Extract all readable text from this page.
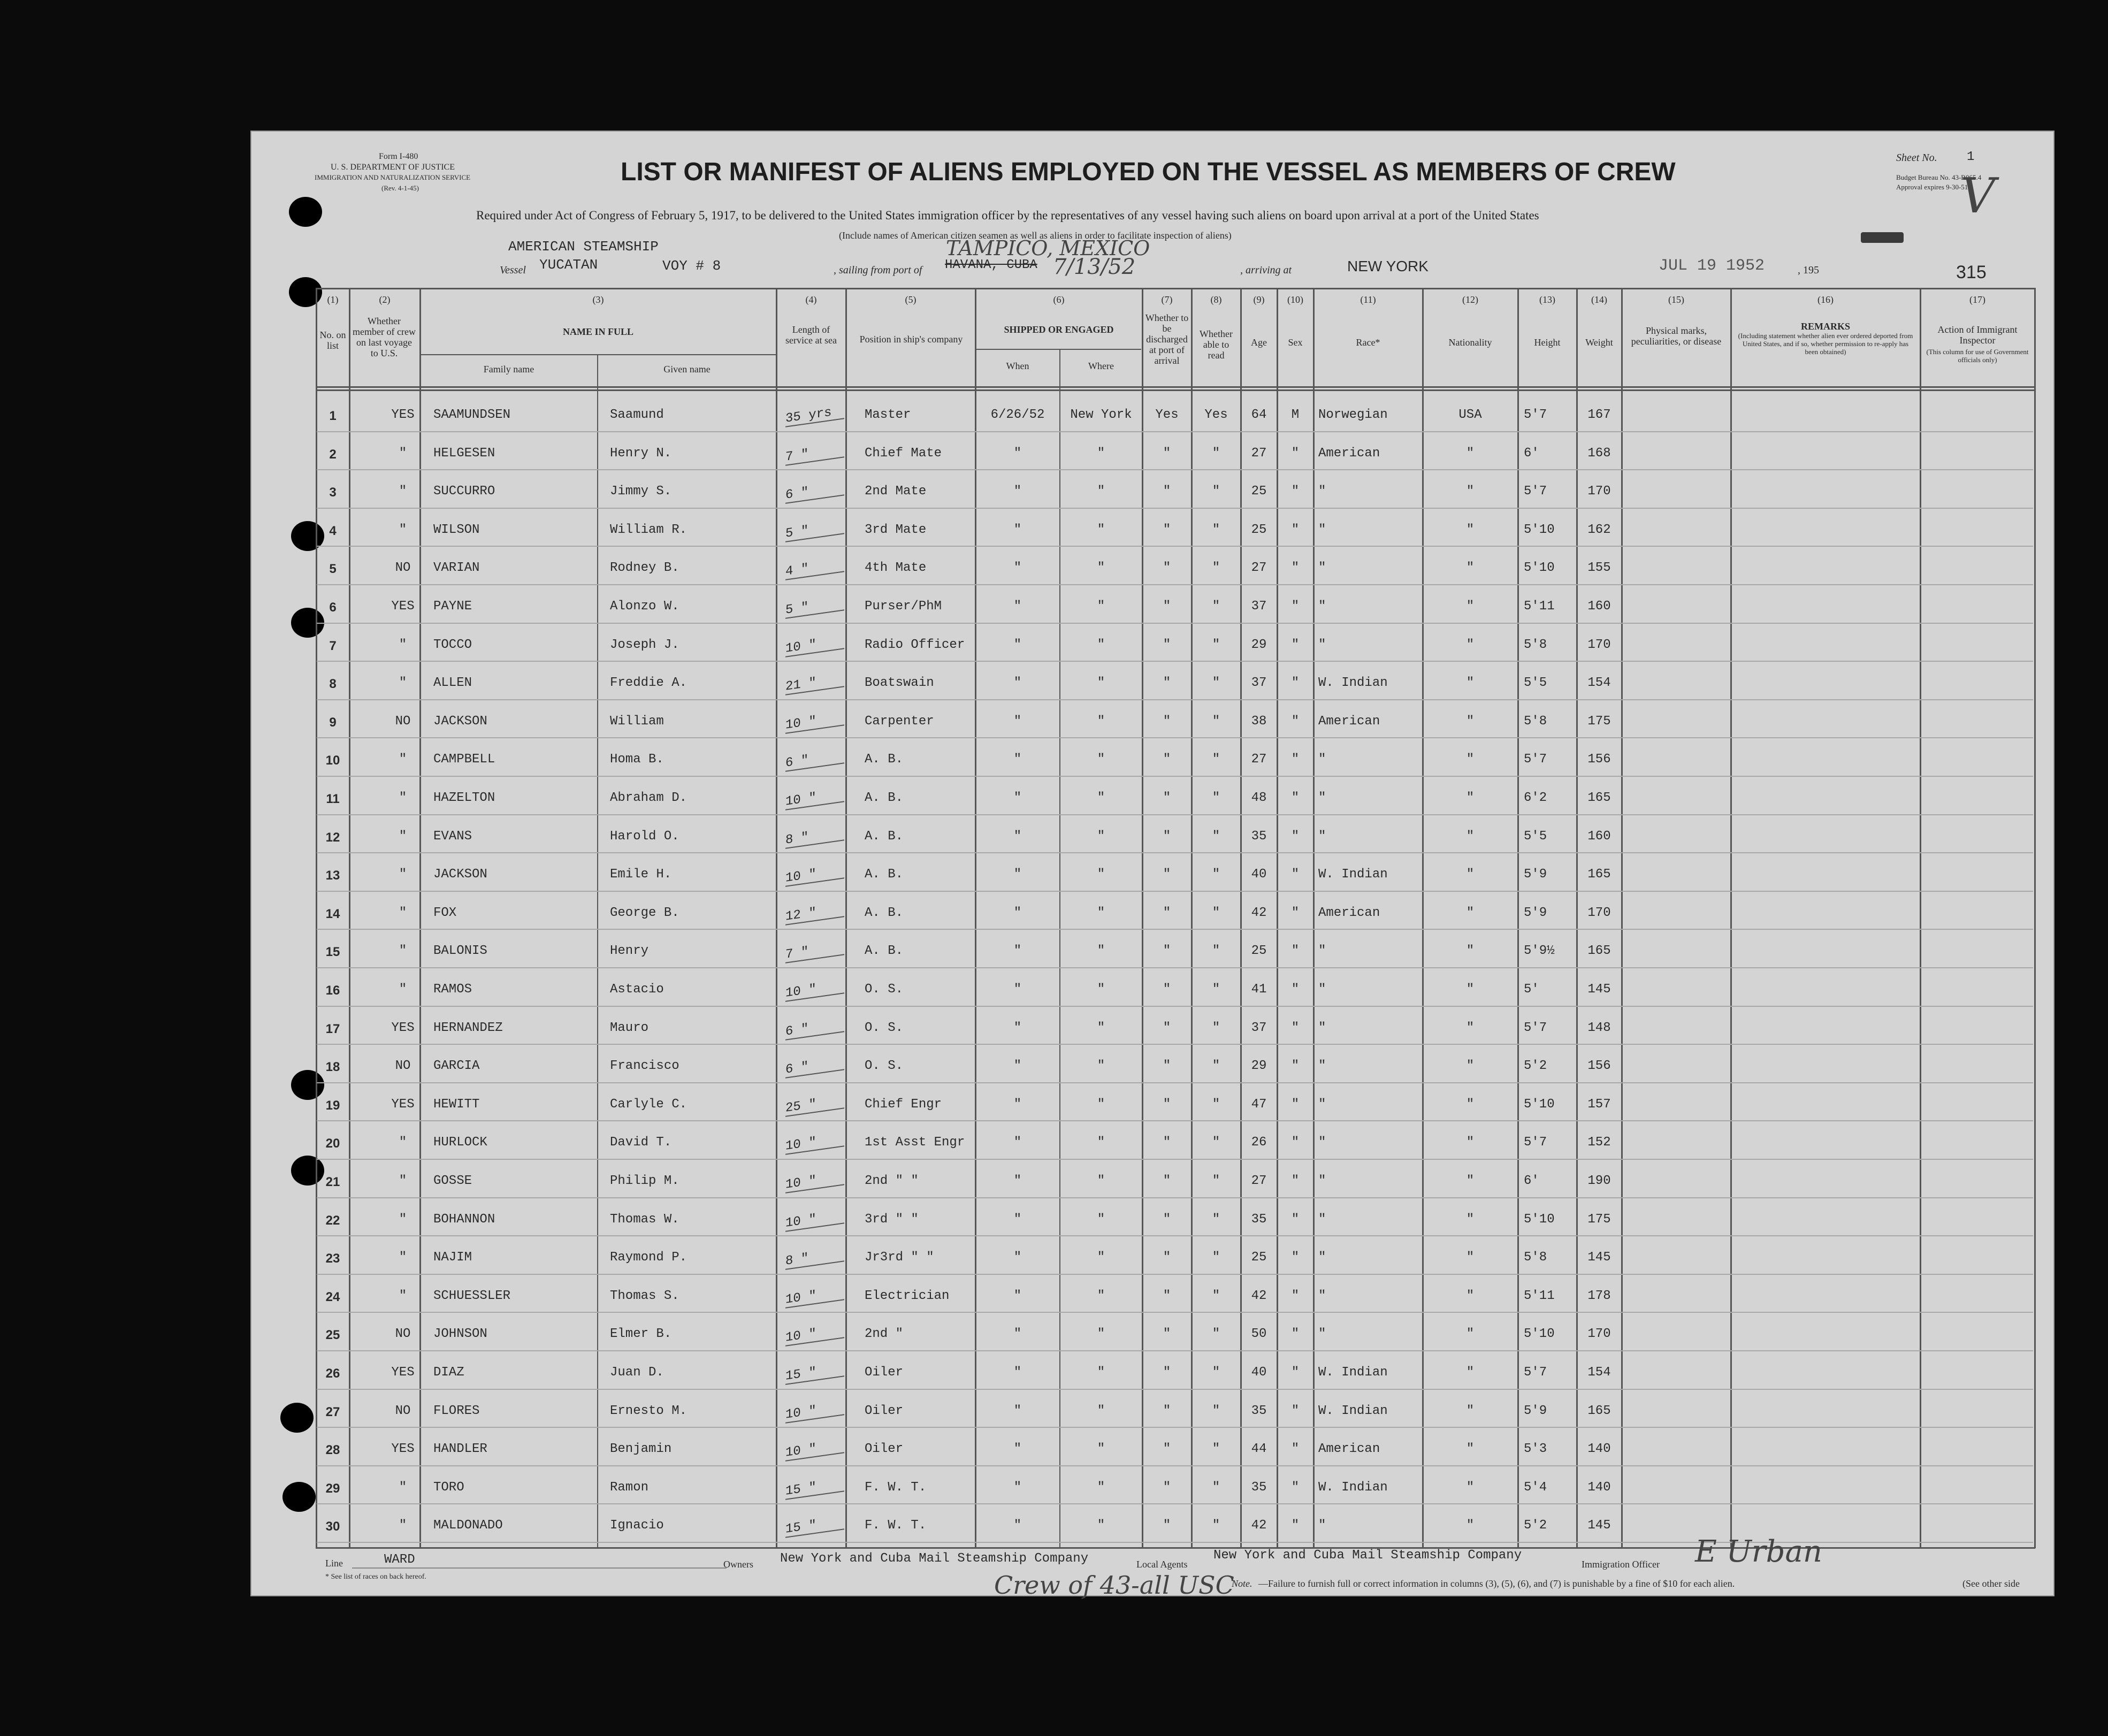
Form I-480
U. S. DEPARTMENT OF JUSTICE
IMMIGRATION AND NATURALIZATION SERVICE
(Rev. 4-1-45)
LIST OR MANIFEST OF ALIENS EMPLOYED ON THE VESSEL AS MEMBERS OF CREW	Sheet No. 1
Budget Bureau No. 43-R065.4
Approval expires 9-30-51.
V
Required under Act of Congress of February 5, 1917, to be delivered to the United States immigration officer by the representatives of any vessel having such aliens on board upon arrival at a port of the United States
(Include names of American citizen seamen as well as aliens in order to facilitate inspection of aliens)
AMERICAN STEAMSHIP
Vessel YUCATAN	VOY # 8	, sailing from port of HAVANA, CUBA
TAMPICO, MEXICO
7/13/52	, arriving at	NEW YORK	JUL 19 1952	, 195	315
(1)	(2)	(3)	(4)	(5)	(6)	(7)	(8)	(9)	(10)	(11)	(12)	(13)	(14)	(15)	(16)	(17)
No. on list
Whether member of crew on last voyage to U.S.
NAME IN FULL
Family name	Given name
Length of service at sea	Position in ship's company
SHIPPED OR ENGAGED
When	Where
Whether to be discharged at port of arrival
Whether able to read
Age	Sex	Race*	Nationality	Height	Weight
Physical marks, peculiarities, or disease
REMARKS
(Including statement whether alien ever ordered deported from United States, and if so, whether permission to re-apply has been obtained)
Action of Immigrant Inspector
(This column for use of Government officials only)
1	YES	SAAMUNDSEN	Saamund	35 yrs	Master	6/26/52	New York	Yes	Yes	64	M	Norwegian	USA	5'7	167
2	"	HELGESEN	Henry N.	7 "	Chief Mate	"	"	"	"	27	"	American	"	6'	168
3	"	SUCCURRO	Jimmy S.	6 "	2nd Mate	"	"	"	"	25	"	"	"	5'7	170
4	"	WILSON	William R.	5 "	3rd Mate	"	"	"	"	25	"	"	"	5'10	162
5	NO	VARIAN	Rodney B.	4 "	4th Mate	"	"	"	"	27	"	"	"	5'10	155
6	YES	PAYNE	Alonzo W.	5 "	Purser/PhM	"	"	"	"	37	"	"	"	5'11	160
7	"	TOCCO	Joseph J.	10 "	Radio Officer	"	"	"	"	29	"	"	"	5'8	170
8	"	ALLEN	Freddie A.	21 "	Boatswain	"	"	"	"	37	"	W. Indian	"	5'5	154
9	NO	JACKSON	William	10 "	Carpenter	"	"	"	"	38	"	American	"	5'8	175
10	"	CAMPBELL	Homa B.	6 "	A. B.	"	"	"	"	27	"	"	"	5'7	156
11	"	HAZELTON	Abraham D.	10 "	A. B.	"	"	"	"	48	"	"	"	6'2	165
12	"	EVANS	Harold O.	8 "	A. B.	"	"	"	"	35	"	"	"	5'5	160
13	"	JACKSON	Emile H.	10 "	A. B.	"	"	"	"	40	"	W. Indian	"	5'9	165
14	"	FOX	George B.	12 "	A. B.	"	"	"	"	42	"	American	"	5'9	170
15	"	BALONIS	Henry	7 "	A. B.	"	"	"	"	25	"	"	"	5'9½	165
16	"	RAMOS	Astacio	10 "	O. S.	"	"	"	"	41	"	"	"	5'	145
17	YES	HERNANDEZ	Mauro	6 "	O. S.	"	"	"	"	37	"	"	"	5'7	148
18	NO	GARCIA	Francisco	6 "	O. S.	"	"	"	"	29	"	"	"	5'2	156
19	YES	HEWITT	Carlyle C.	25 "	Chief Engr	"	"	"	"	47	"	"	"	5'10	157
20	"	HURLOCK	David T.	10 "	1st Asst Engr	"	"	"	"	26	"	"	"	5'7	152
21	"	GOSSE	Philip M.	10 "	2nd " "	"	"	"	"	27	"	"	"	6'	190
22	"	BOHANNON	Thomas W.	10 "	3rd " "	"	"	"	"	35	"	"	"	5'10	175
23	"	NAJIM	Raymond P.	8 "	Jr3rd " "	"	"	"	"	25	"	"	"	5'8	145
24	"	SCHUESSLER	Thomas S.	10 "	Electrician	"	"	"	"	42	"	"	"	5'11	178
25	NO	JOHNSON	Elmer B.	10 "	2nd "	"	"	"	"	50	"	"	"	5'10	170
26	YES	DIAZ	Juan D.	15 "	Oiler	"	"	"	"	40	"	W. Indian	"	5'7	154
27	NO	FLORES	Ernesto M.	10 "	Oiler	"	"	"	"	35	"	W. Indian	"	5'9	165
28	YES	HANDLER	Benjamin	10 "	Oiler	"	"	"	"	44	"	American	"	5'3	140
29	"	TORO	Ramon	15 "	F. W. T.	"	"	"	"	35	"	W. Indian	"	5'4	140
30	"	MALDONADO	Ignacio	15 "	F. W. T.	"	"	"	"	42	"	"	"	5'2	145
Line	WARD	Owners New York and Cuba Mail Steamship Company	Local Agents
New York and Cuba Mail Steamship Company
Immigration Officer E Urban
* See list of races on back hereof.	Crew of 43-all USC
Note. —Failure to furnish full or correct information in columns (3), (5), (6), and (7) is punishable by a fine of $10 for each alien.	(See other side
